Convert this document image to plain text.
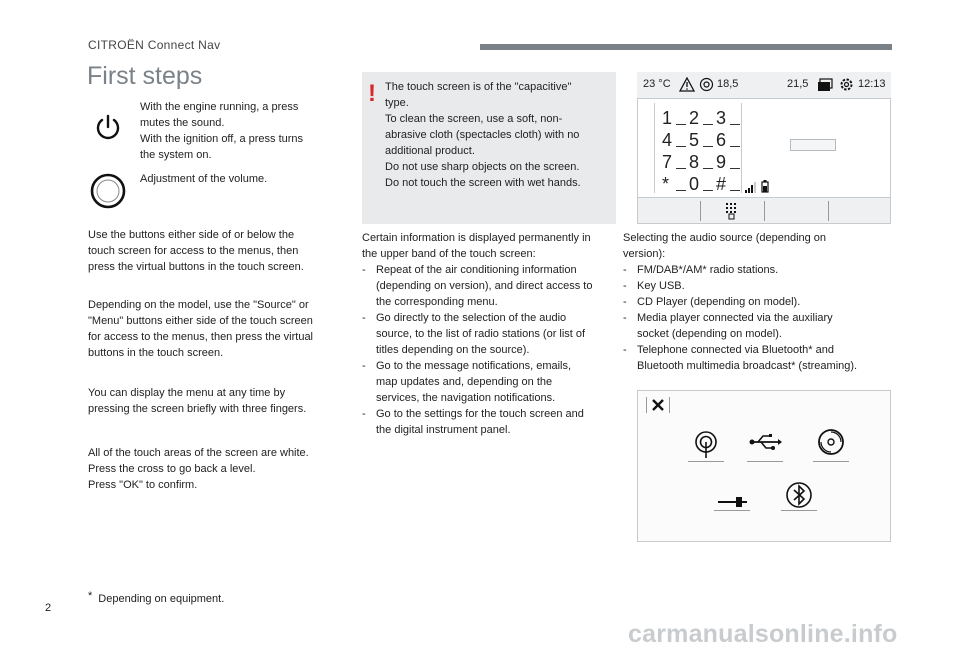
CITROËN Connect Nav
First steps

With the engine running, a press

mutes the sound.

With the ignition off, a press turns

the system on.

Adjustment of the volume.

Use the buttons either side of or below the

touch screen for access to the menus, then

press the virtual buttons in the touch screen.

Depending on the model, use the "Source" or

"Menu" buttons either side of the touch screen

for access to the menus, then press the virtual

buttons in the touch screen.

You can display the menu at any time by

pressing the screen briefly with three fingers.

All of the touch areas of the screen are white.

Press the cross to go back a level.

Press "OK" to confirm.

! The touch screen is of the "capacitive"

type.

To clean the screen, use a soft, non-

abrasive cloth (spectacles cloth) with no

additional product.

Do not use sharp objects on the screen.

Do not touch the screen with wet hands.

Certain information is displayed permanently in

the upper band of the touch screen:

- Repeat of the air conditioning information

(depending on version), and direct access to

the corresponding menu.

- Go directly to the selection of the audio

source, to the list of radio stations (or list of

titles depending on the source).

- Go to the message notifications, emails,

map updates and, depending on the

services, the navigation notifications.

- Go to the settings for the touch screen and

the digital instrument panel.

23 °C	18,5	21,5	12:13
1 2 3
4 5 6
7 8 9
* 0 #

Selecting the audio source (depending on

version):

- FM/DAB*/AM* radio stations.

- Key USB.

- CD Player (depending on model).

- Media player connected via the auxiliary

socket (depending on model).

- Telephone connected via Bluetooth* and

Bluetooth multimedia broadcast* (streaming).

* Depending on equipment.
2
carmanualsonline.info
